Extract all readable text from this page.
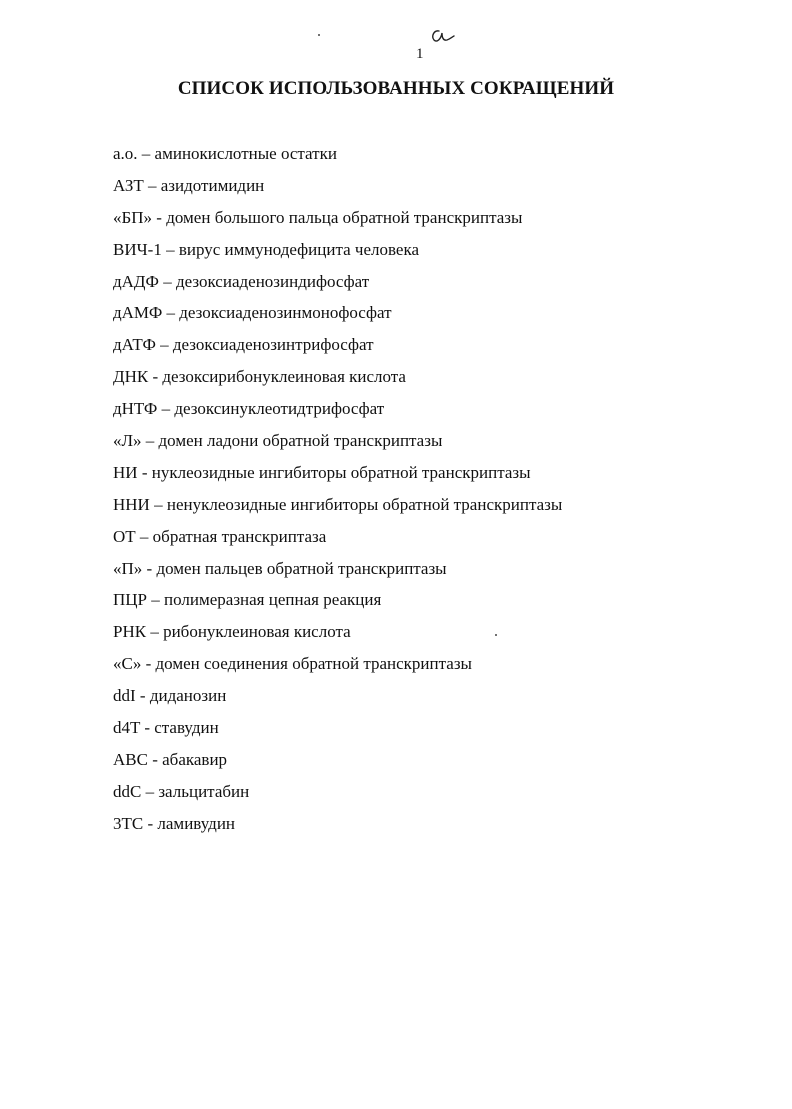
1
СПИСОК ИСПОЛЬЗОВАННЫХ СОКРАЩЕНИЙ
а.о. – аминокислотные остатки
АЗТ – азидотимидин
«БП» - домен большого пальца обратной транскриптазы
ВИЧ-1 – вирус иммунодефицита человека
дАДФ – дезоксиаденозиндифосфат
дАМФ – дезоксиаденозинмонофосфат
дАТФ – дезоксиаденозинтрифосфат
ДНК - дезоксирибонуклеиновая кислота
дНТФ – дезоксинуклеотидтрифосфат
«Л» – домен ладони обратной транскриптазы
НИ - нуклеозидные ингибиторы обратной транскриптазы
ННИ – ненуклеозидные ингибиторы обратной транскриптазы
ОТ – обратная транскриптаза
«П» - домен пальцев обратной транскриптазы
ПЦР – полимеразная цепная реакция
РНК – рибонуклеиновая кислота
«С» - домен соединения обратной транскриптазы
ddI - диданозин
d4T - ставудин
ABC - абакавир
ddC – зальцитабин
3TC - ламивудин
